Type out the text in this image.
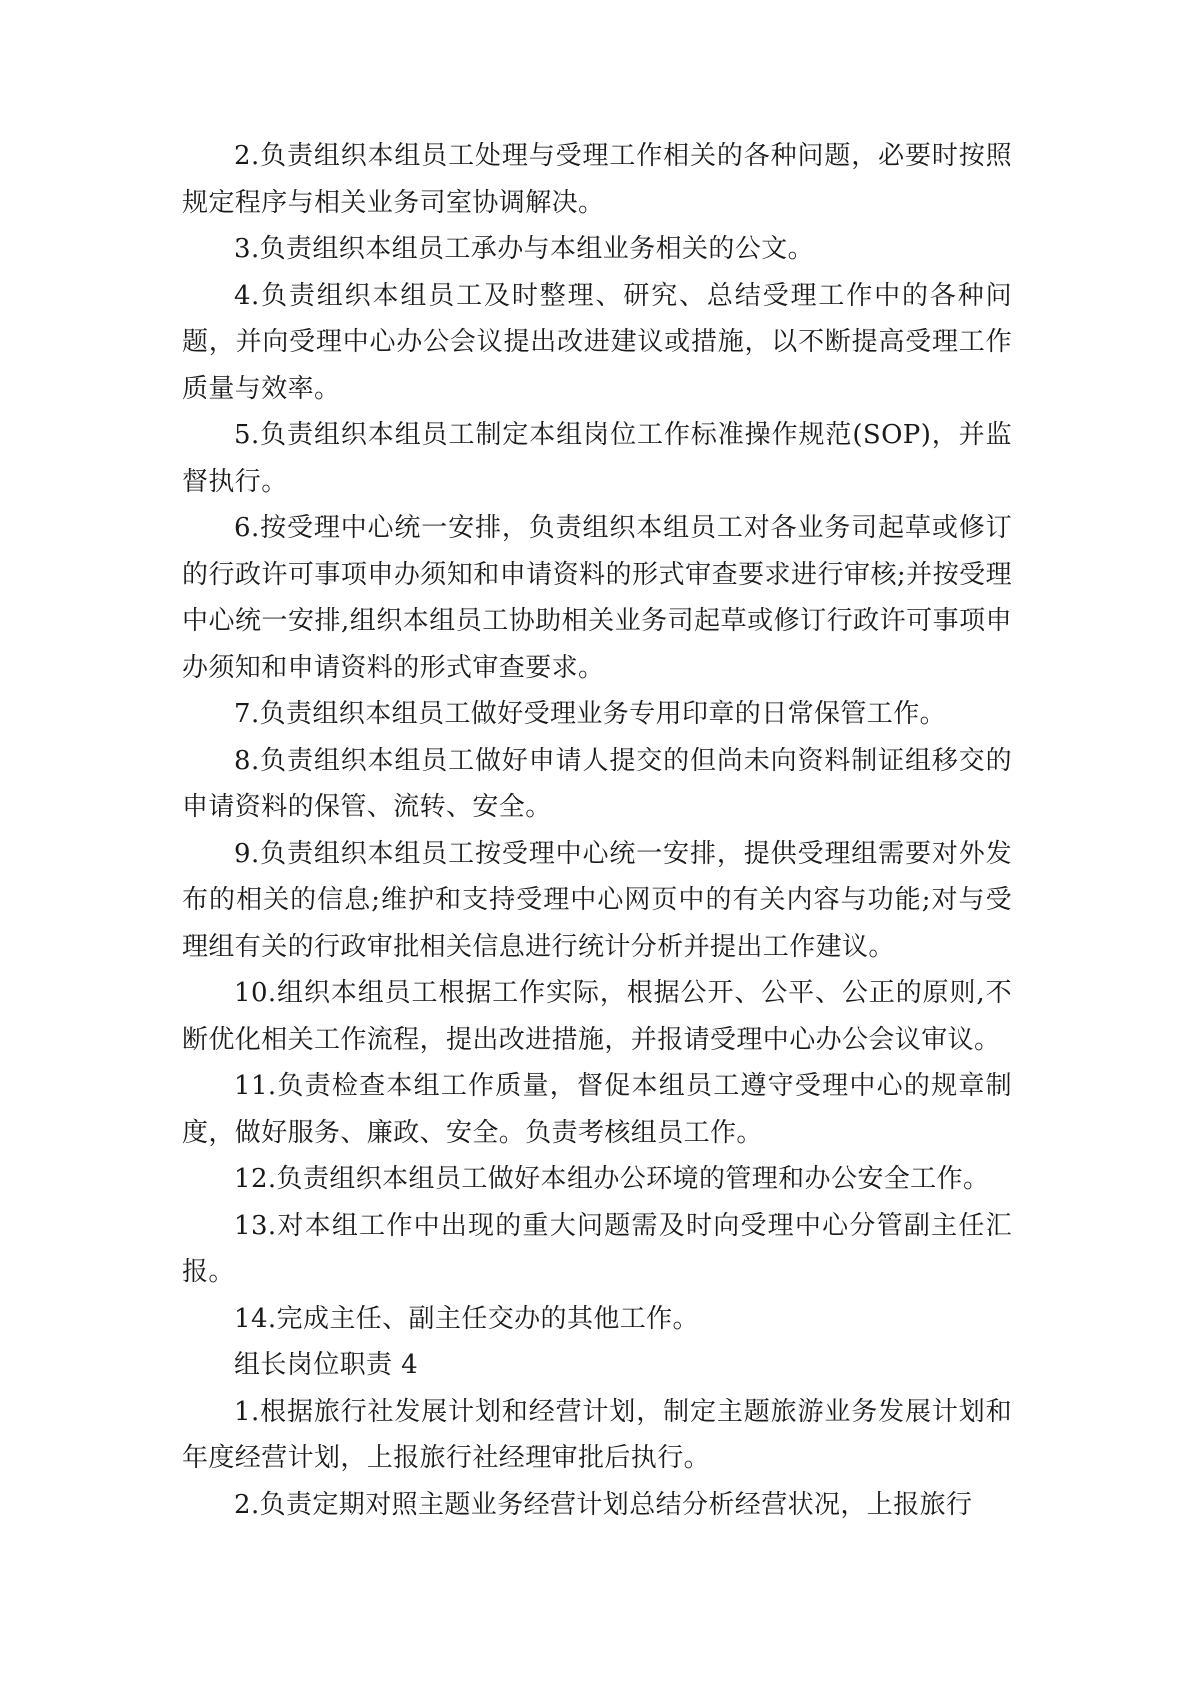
2.负责组织本组员工处理与受理工作相关的各种问题，必要时按照规定程序与相关业务司室协调解决。

3.负责组织本组员工承办与本组业务相关的公文。

4.负责组织本组员工及时整理、研究、总结受理工作中的各种问题，并向受理中心办公会议提出改进建议或措施，以不断提高受理工作质量与效率。

5.负责组织本组员工制定本组岗位工作标准操作规范(SOP)，并监督执行。

6.按受理中心统一安排，负责组织本组员工对各业务司起草或修订的行政许可事项申办须知和申请资料的形式审查要求进行审核;并按受理中心统一安排,组织本组员工协助相关业务司起草或修订行政许可事项申办须知和申请资料的形式审查要求。

7.负责组织本组员工做好受理业务专用印章的日常保管工作。

8.负责组织本组员工做好申请人提交的但尚未向资料制证组移交的申请资料的保管、流转、安全。

9.负责组织本组员工按受理中心统一安排，提供受理组需要对外发布的相关的信息;维护和支持受理中心网页中的有关内容与功能;对与受理组有关的行政审批相关信息进行统计分析并提出工作建议。

10.组织本组员工根据工作实际，根据公开、公平、公正的原则,不断优化相关工作流程，提出改进措施，并报请受理中心办公会议审议。

11.负责检查本组工作质量，督促本组员工遵守受理中心的规章制度，做好服务、廉政、安全。负责考核组员工作。

12.负责组织本组员工做好本组办公环境的管理和办公安全工作。

13.对本组工作中出现的重大问题需及时向受理中心分管副主任汇报。

14.完成主任、副主任交办的其他工作。

组长岗位职责 4

1.根据旅行社发展计划和经营计划，制定主题旅游业务发展计划和年度经营计划，上报旅行社经理审批后执行。

2.负责定期对照主题业务经营计划总结分析经营状况，上报旅行
